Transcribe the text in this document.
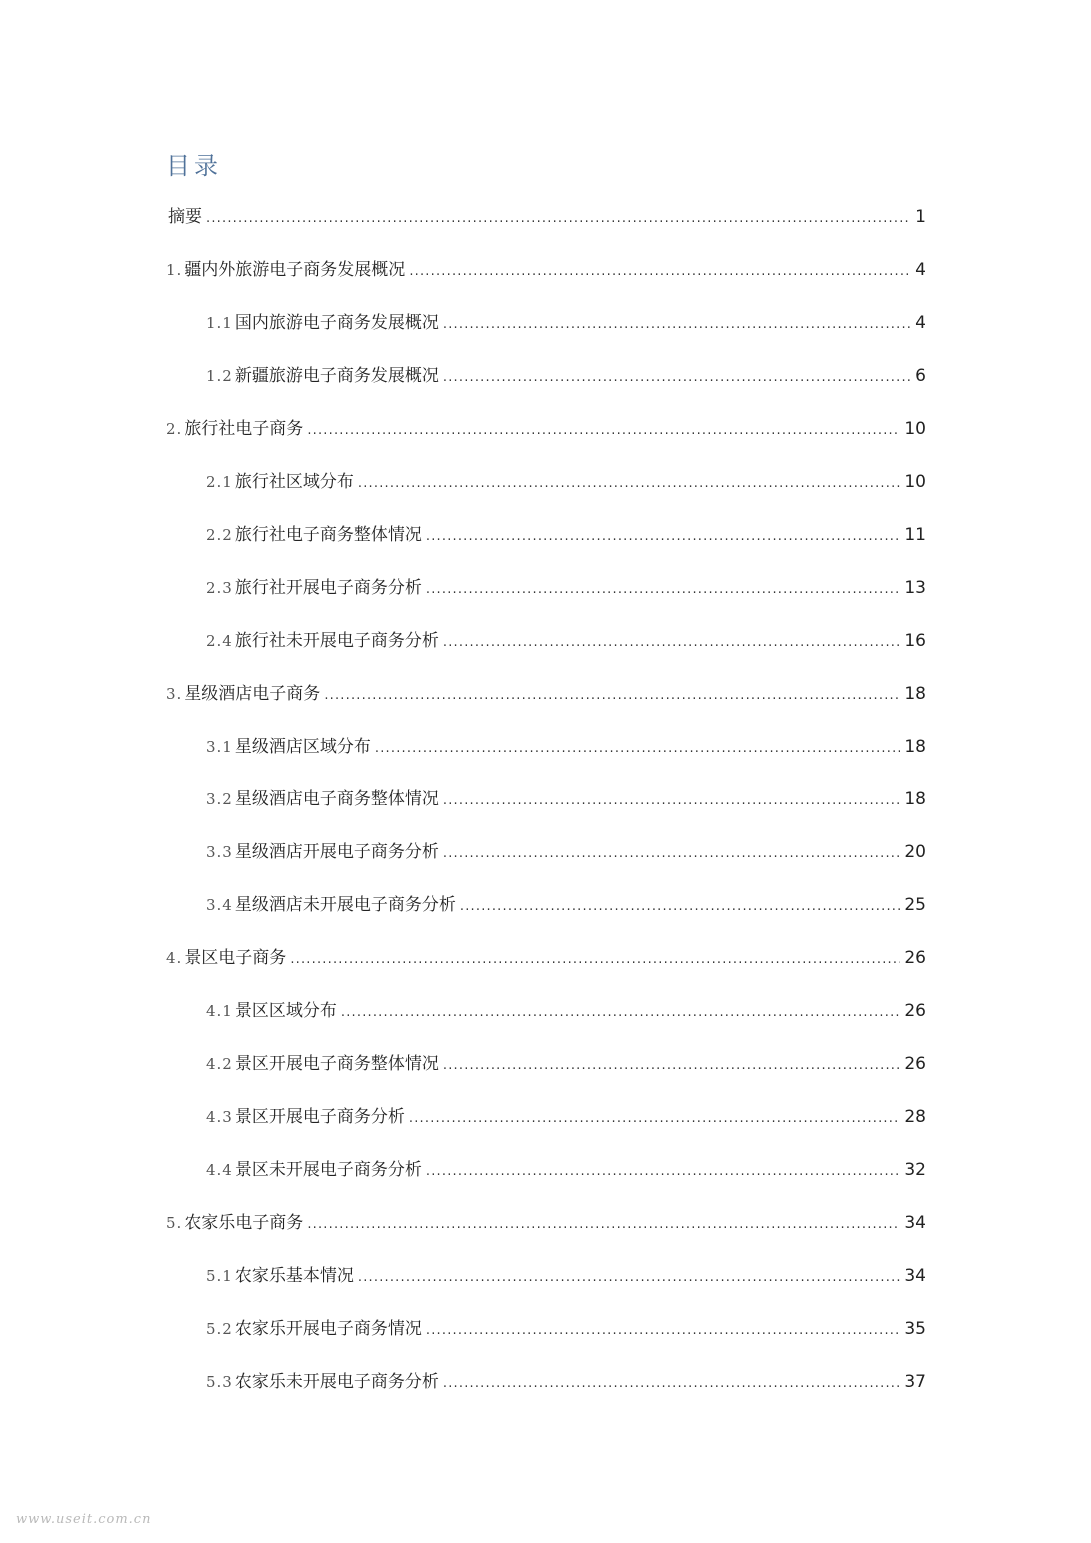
目录
摘要 .....	1
1. 疆内外旅游电子商务发展概况 .....	4
1.1 国内旅游电子商务发展概况 .....	4
1.2 新疆旅游电子商务发展概况 .....	6
2. 旅行社电子商务 .....	10
2.1 旅行社区域分布 .....	10
2.2 旅行社电子商务整体情况 .....	11
2.3 旅行社开展电子商务分析 .....	13
2.4 旅行社未开展电子商务分析 .....	16
3. 星级酒店电子商务 .....	18
3.1 星级酒店区域分布 .....	18
3.2 星级酒店电子商务整体情况 .....	18
3.3 星级酒店开展电子商务分析 .....	20
3.4 星级酒店未开展电子商务分析 .....	25
4. 景区电子商务 .....	26
4.1 景区区域分布 .....	26
4.2 景区开展电子商务整体情况 .....	26
4.3 景区开展电子商务分析 .....	28
4.4 景区未开展电子商务分析 .....	32
5. 农家乐电子商务 .....	34
5.1 农家乐基本情况 .....	34
5.2 农家乐开展电子商务情况 .....	35
5.3 农家乐未开展电子商务分析 .....	37
www.useit.com.cn
